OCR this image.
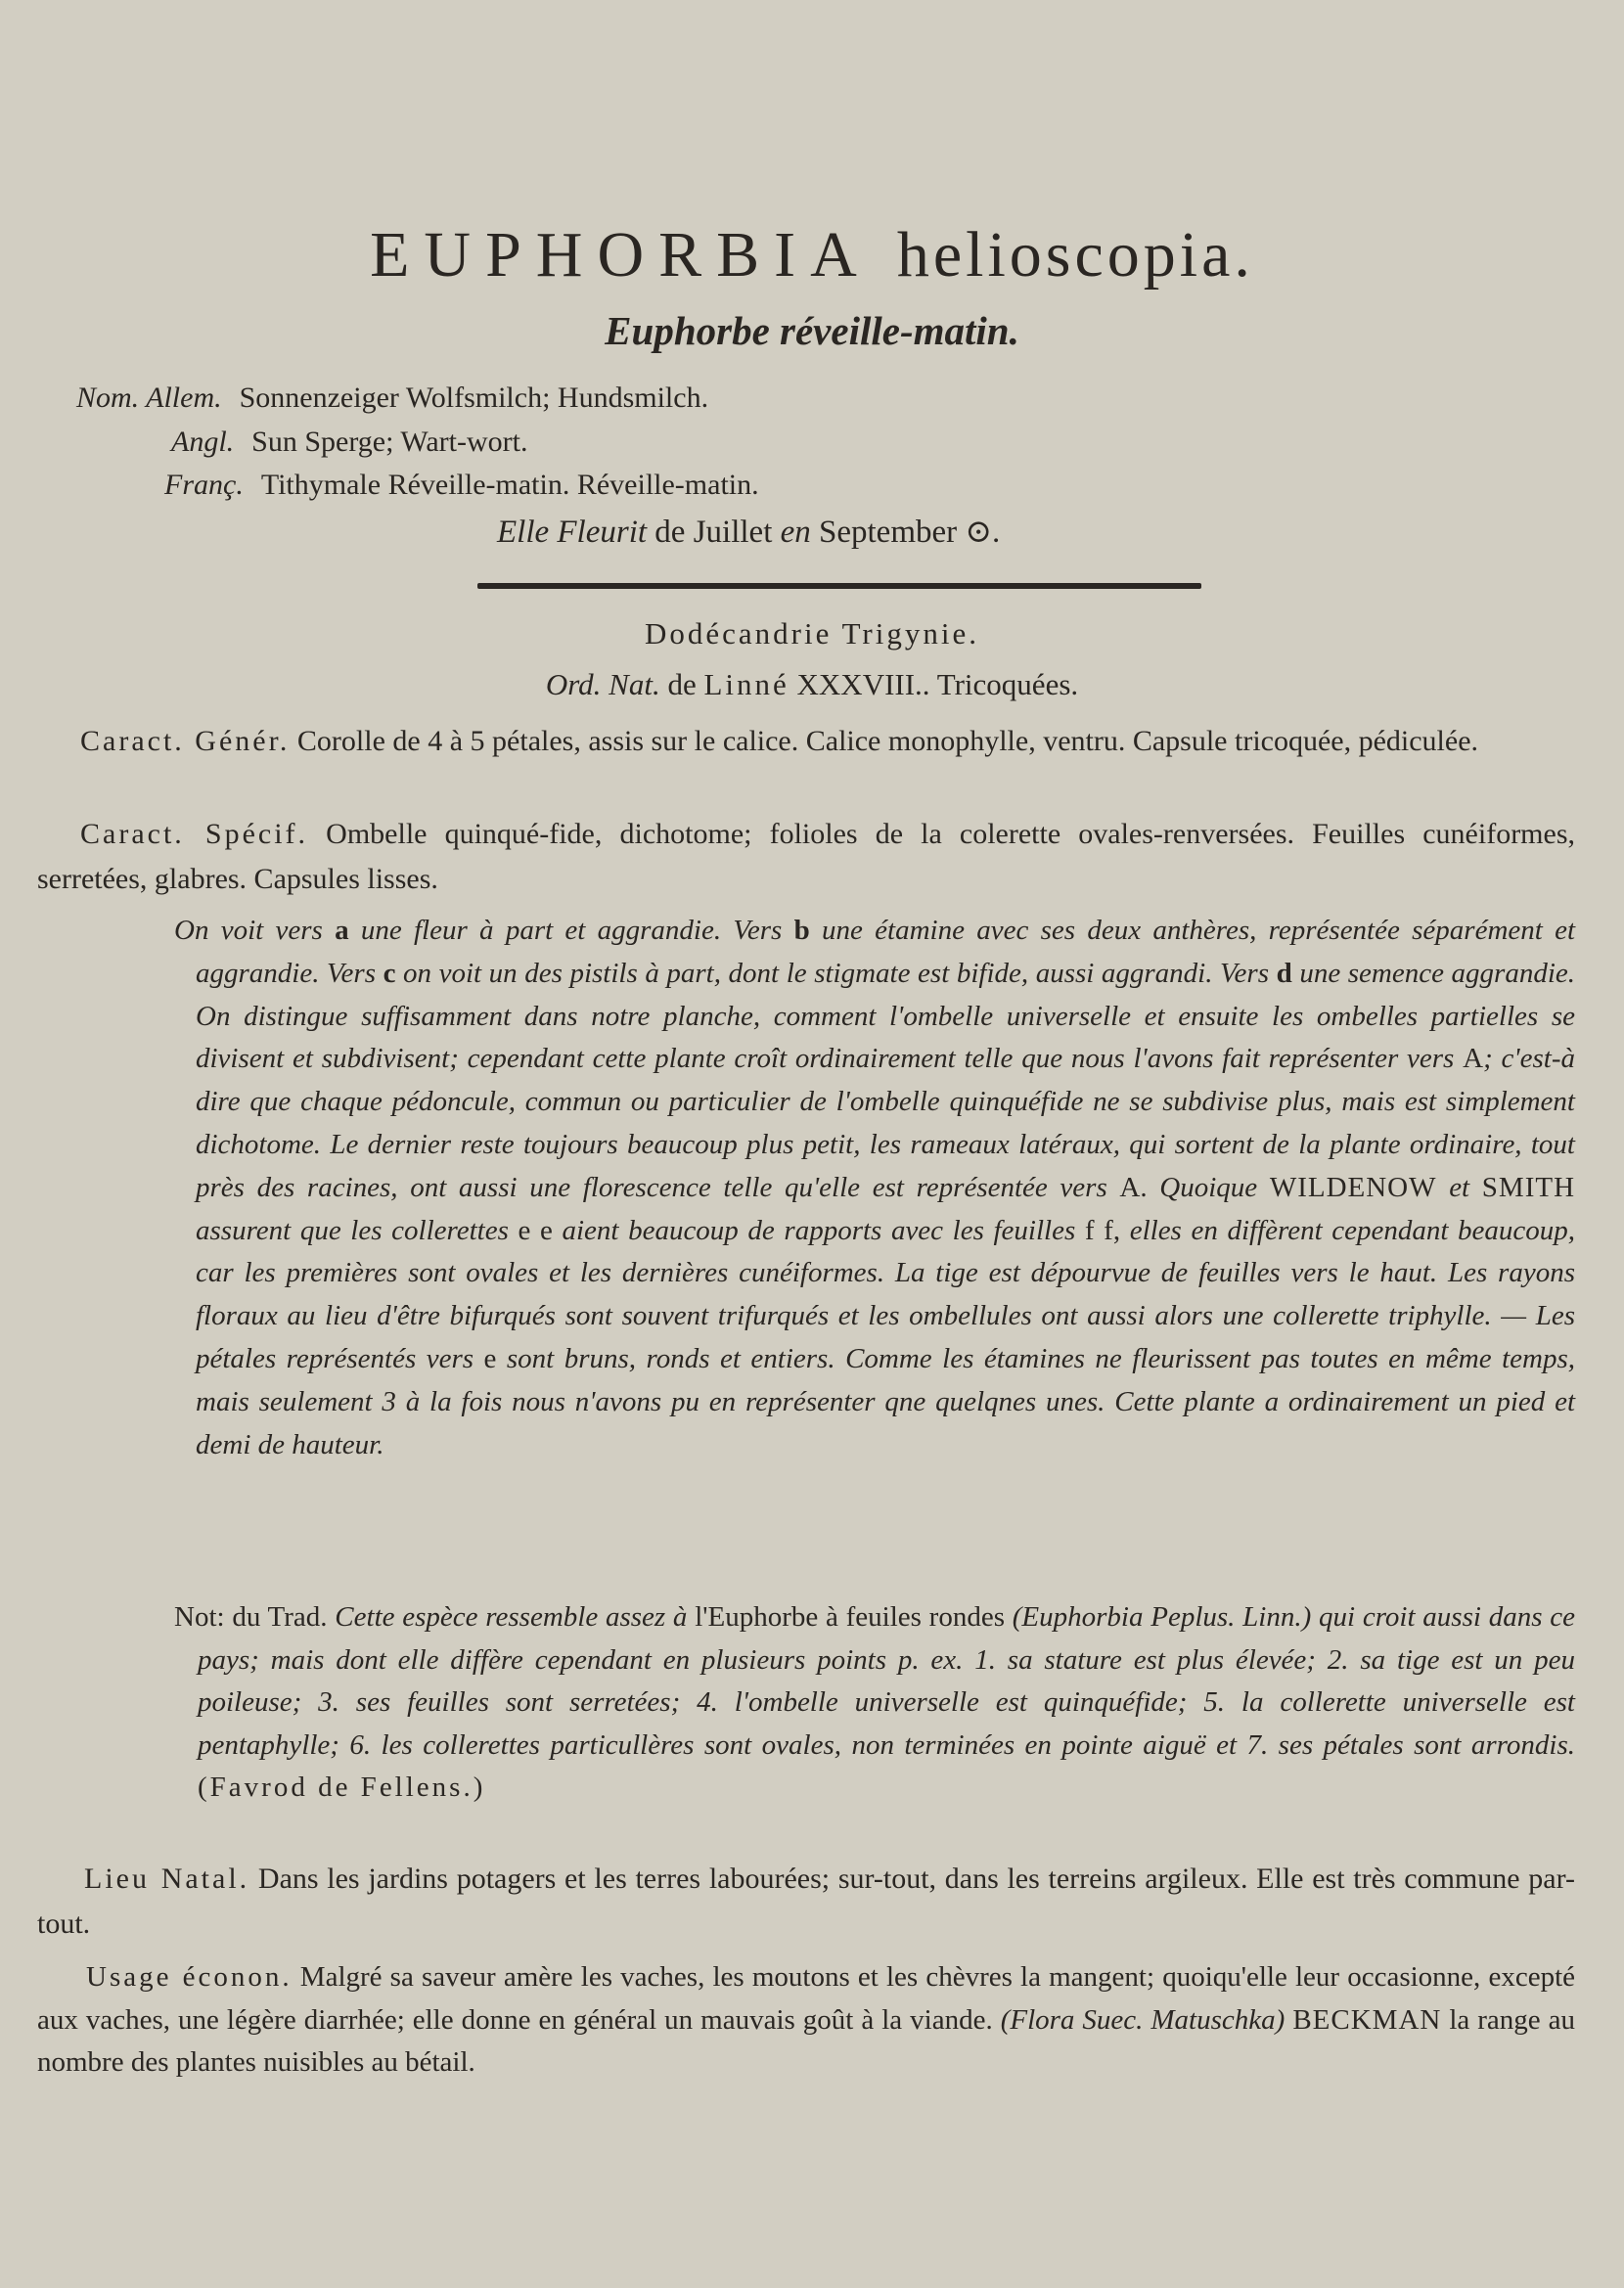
EUPHORBIA helioscopia.
Euphorbe réveille-matin.
Nom. Allem. Sonnenzeiger Wolfsmilch; Hundsmilch.
Angl. Sun Sperge; Wart-wort.
Franç. Tithymale Réveille-matin. Réveille-matin.
Elle Fleurit de Juillet en September ⊙.
Dodécandrie Trigynie.
Ord. Nat. de Linné XXXVIII.. Tricoquées.

Caract. Génér. Corolle de 4 à 5 pétales, assis sur le calice. Calice monophylle, ventru. Capsule tricoquée, pédiculée.

Caract. Spécif. Ombelle quinqué-fide, dichotome; folioles de la colerette ovales-renversées. Feuilles cunéiformes, serretées, glabres. Capsules lisses.

On voit vers a une fleur à part et aggrandie. Vers b une étamine avec ses deux anthères, représentée séparément et aggrandie. Vers c on voit un des pistils à part, dont le stigmate est bifide, aussi aggrandi. Vers d une semence aggrandie. On distingue suffisamment dans notre planche, comment l'ombelle universelle et ensuite les ombelles partielles se divisent et subdivisent; cependant cette plante croît ordinairement telle que nous l'avons fait représenter vers A; c'est-à dire que chaque pédoncule, commun ou particulier de l'ombelle quinquéfide ne se subdivise plus, mais est simplement dichotome. Le dernier reste toujours beaucoup plus petit, les rameaux latéraux, qui sortent de la plante ordinaire, tout près des racines, ont aussi une florescence telle qu'elle est représentée vers A. Quoique WILDENOW et SMITH assurent que les collerettes e e aient beaucoup de rapports avec les feuilles f f, elles en diffèrent cependant beaucoup, car les premières sont ovales et les dernières cunéiformes. La tige est dépourvue de feuilles vers le haut. Les rayons floraux au lieu d'être bifurqués sont souvent trifurqués et les ombellules ont aussi alors une collerette triphylle. — Les pétales représentés vers e sont bruns, ronds et entiers. Comme les étamines ne fleurissent pas toutes en même temps, mais seulement 3 à la fois nous n'avons pu en représenter qne quelqnes unes. Cette plante a ordinairement un pied et demi de hauteur.

Not: du Trad. Cette espèce ressemble assez à l'Euphorbe à feuiles rondes (Euphorbia Peplus. Linn.) qui croit aussi dans ce pays; mais dont elle diffère cependant en plusieurs points p. ex. 1. sa stature est plus élevée; 2. sa tige est un peu poileuse; 3. ses feuilles sont serretées; 4. l'ombelle universelle est quinquéfide; 5. la collerette universelle est pentaphylle; 6. les collerettes particullères sont ovales, non terminées en pointe aiguë et 7. ses pétales sont arrondis. (Favrod de Fellens.)

Lieu Natal. Dans les jardins potagers et les terres labourées; sur-tout, dans les terreins argileux. Elle est très commune par-tout.

Usage éconon. Malgré sa saveur amère les vaches, les moutons et les chèvres la mangent; quoiqu'elle leur occasionne, excepté aux vaches, une légère diarrhée; elle donne en général un mauvais goût à la viande. (Flora Suec. Matuschka) BECKMAN la range au nombre des plantes nuisibles au bétail.
